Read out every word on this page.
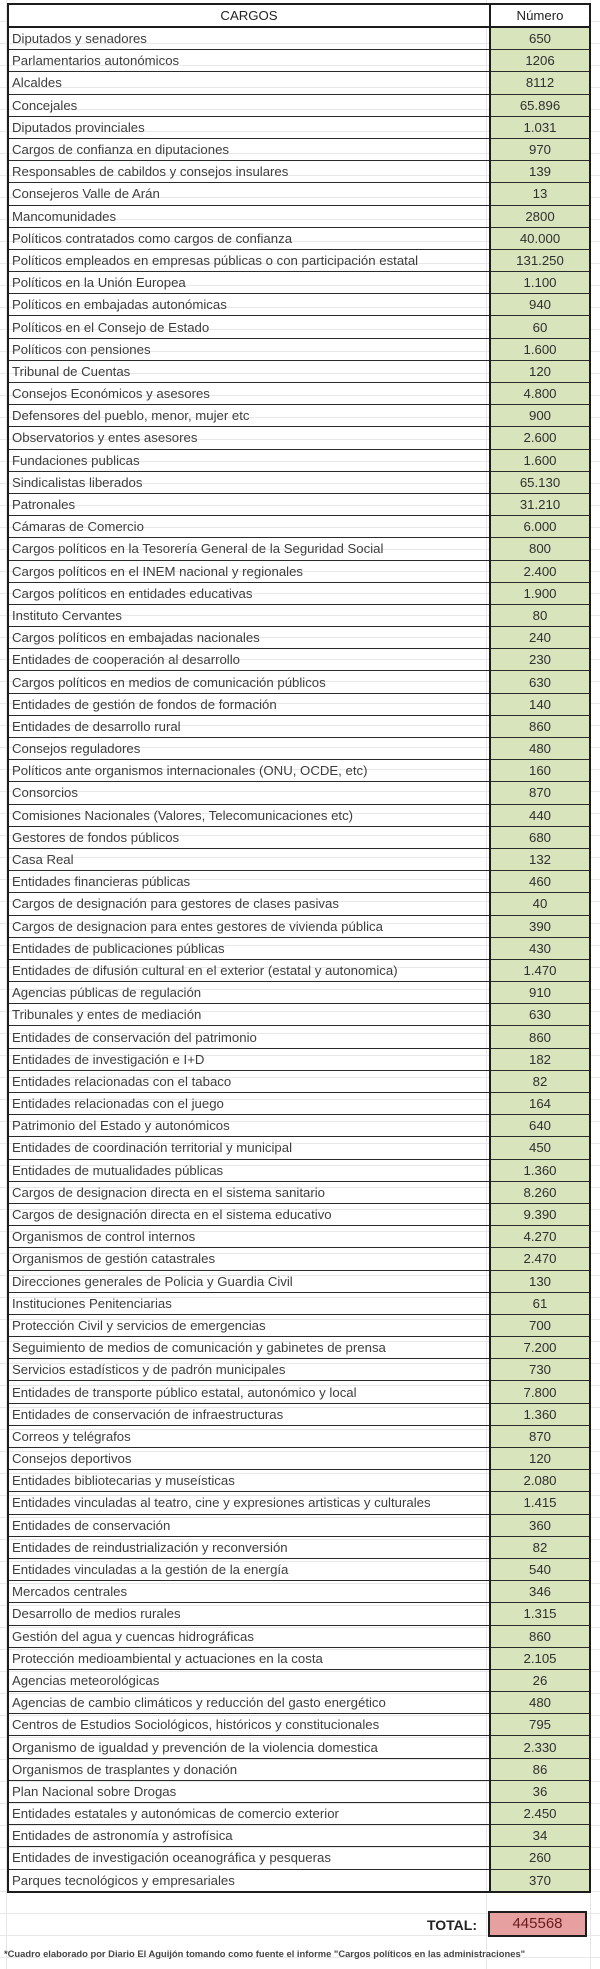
CARGOS	Número
Diputados y senadores	650
Parlamentarios autonómicos	1206
Alcaldes	8112
Concejales	65.896
Diputados provinciales	1.031
Cargos de confianza en diputaciones	970
Responsables de cabildos y consejos insulares	139
Consejeros Valle de Arán	13
Mancomunidades	2800
Políticos contratados como cargos de confianza	40.000
Políticos empleados en empresas públicas o con participación estatal	131.250
Políticos en la Unión Europea	1.100
Políticos en embajadas autonómicas	940
Políticos en el Consejo de Estado	60
Políticos con pensiones	1.600
Tribunal de Cuentas	120
Consejos Económicos y asesores	4.800
Defensores del pueblo, menor, mujer etc	900
Observatorios y entes asesores	2.600
Fundaciones publicas	1.600
Sindicalistas liberados	65.130
Patronales	31.210
Cámaras de Comercio	6.000
Cargos políticos en la Tesorería General de la Seguridad Social	800
Cargos políticos en el INEM nacional y regionales	2.400
Cargos políticos en entidades educativas	1.900
Instituto Cervantes	80
Cargos políticos en embajadas nacionales	240
Entidades de cooperación al desarrollo	230
Cargos políticos en medios de comunicación públicos	630
Entidades de gestión de fondos de formación	140
Entidades de desarrollo rural	860
Consejos reguladores	480
Políticos ante organismos internacionales (ONU, OCDE, etc)	160
Consorcios	870
Comisiones Nacionales (Valores, Telecomunicaciones etc)	440
Gestores de fondos públicos	680
Casa Real	132
Entidades financieras públicas	460
Cargos de designación para gestores de clases pasivas	40
Cargos de designacion para entes gestores de vivienda pública	390
Entidades de publicaciones públicas	430
Entidades de difusión cultural en el exterior (estatal y autonomica)	1.470
Agencias públicas de regulación	910
Tribunales y entes de mediación	630
Entidades de conservación del patrimonio	860
Entidades de investigación e I+D	182
Entidades relacionadas con el tabaco	82
Entidades relacionadas con el juego	164
Patrimonio del Estado y autonómicos	640
Entidades de coordinación territorial y municipal	450
Entidades de mutualidades públicas	1.360
Cargos de designacion directa en el sistema sanitario	8.260
Cargos de designación directa en el sistema educativo	9.390
Organismos de control internos	4.270
Organismos de gestión catastrales	2.470
Direcciones generales de Policia y Guardia Civil	130
Instituciones Penitenciarias	61
Protección Civil y servicios de emergencias	700
Seguimiento de medios de comunicación y gabinetes de prensa	7.200
Servicios estadísticos y de padrón municipales	730
Entidades de transporte público estatal, autonómico y local	7.800
Entidades de conservación de infraestructuras	1.360
Correos y telégrafos	870
Consejos deportivos	120
Entidades bibliotecarias y museísticas	2.080
Entidades vinculadas al teatro, cine y expresiones artisticas y culturales	1.415
Entidades de conservación	360
Entidades de reindustrialización y reconversión	82
Entidades vinculadas a la gestión de la energía	540
Mercados centrales	346
Desarrollo de medios rurales	1.315
Gestión del agua y cuencas hidrográficas	860
Protección medioambiental y actuaciones en la costa	2.105
Agencias meteorológicas	26
Agencias de cambio climáticos y reducción del gasto energético	480
Centros de Estudios Sociológicos, históricos y constitucionales	795
Organismo de igualdad y prevención de la violencia domestica	2.330
Organismos de trasplantes y donación	86
Plan Nacional sobre Drogas	36
Entidades estatales y autonómicas de comercio exterior	2.450
Entidades de astronomía y astrofísica	34
Entidades de investigación oceanográfica y pesqueras	260
Parques tecnológicos y empresariales	370
TOTAL:	445568
*Cuadro elaborado por Diario El Aguijón tomando como fuente el informe "Cargos políticos en las administraciones"
